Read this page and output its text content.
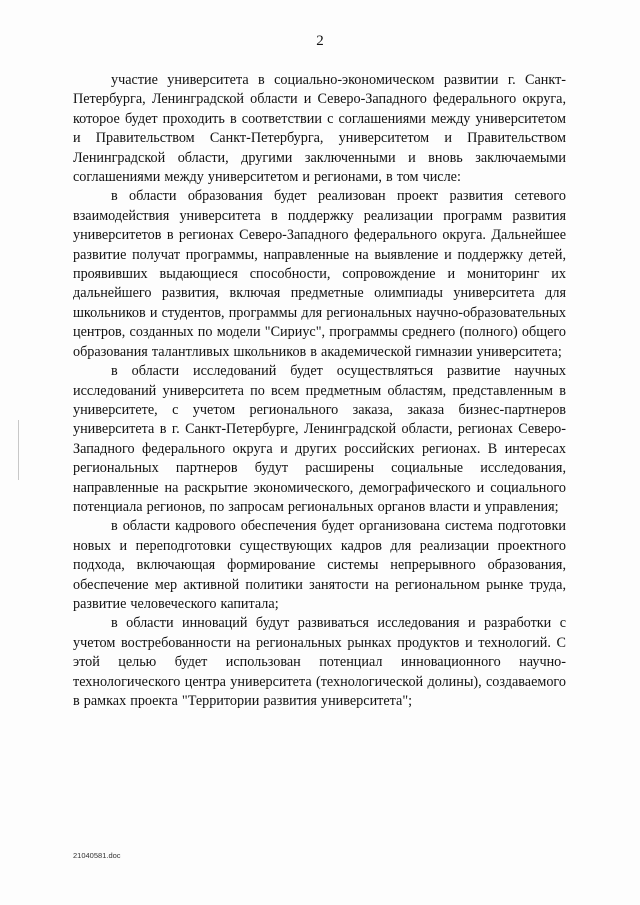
2

участие университета в социально-экономическом развитии г. Санкт-Петербурга, Ленинградской области и Северо-Западного федерального округа, которое будет проходить в соответствии с соглашениями между университетом и Правительством Санкт-Петербурга, университетом и Правительством Ленинградской области, другими заключенными и вновь заключаемыми соглашениями между университетом и регионами, в том числе:

в области образования будет реализован проект развития сетевого взаимодействия университета в поддержку реализации программ развития университетов в регионах Северо-Западного федерального округа. Дальнейшее развитие получат программы, направленные на выявление и поддержку детей, проявивших выдающиеся способности, сопровождение и мониторинг их дальнейшего развития, включая предметные олимпиады университета для школьников и студентов, программы для региональных научно-образовательных центров, созданных по модели "Сириус", программы среднего (полного) общего образования талантливых школьников в академической гимназии университета;

в области исследований будет осуществляться развитие научных исследований университета по всем предметным областям, представленным в университете, с учетом регионального заказа, заказа бизнес-партнеров университета в г. Санкт-Петербурге, Ленинградской области, регионах Северо-Западного федерального округа и других российских регионах. В интересах региональных партнеров будут расширены социальные исследования, направленные на раскрытие экономического, демографического и социального потенциала регионов, по запросам региональных органов власти и управления;

в области кадрового обеспечения будет организована система подготовки новых и переподготовки существующих кадров для реализации проектного подхода, включающая формирование системы непрерывного образования, обеспечение мер активной политики занятости на региональном рынке труда, развитие человеческого капитала;

в области инноваций будут развиваться исследования и разработки с учетом востребованности на региональных рынках продуктов и технологий. С этой целью будет использован потенциал инновационного научно-технологического центра университета (технологической долины), создаваемого в рамках проекта "Территории развития университета";

21040581.doc
